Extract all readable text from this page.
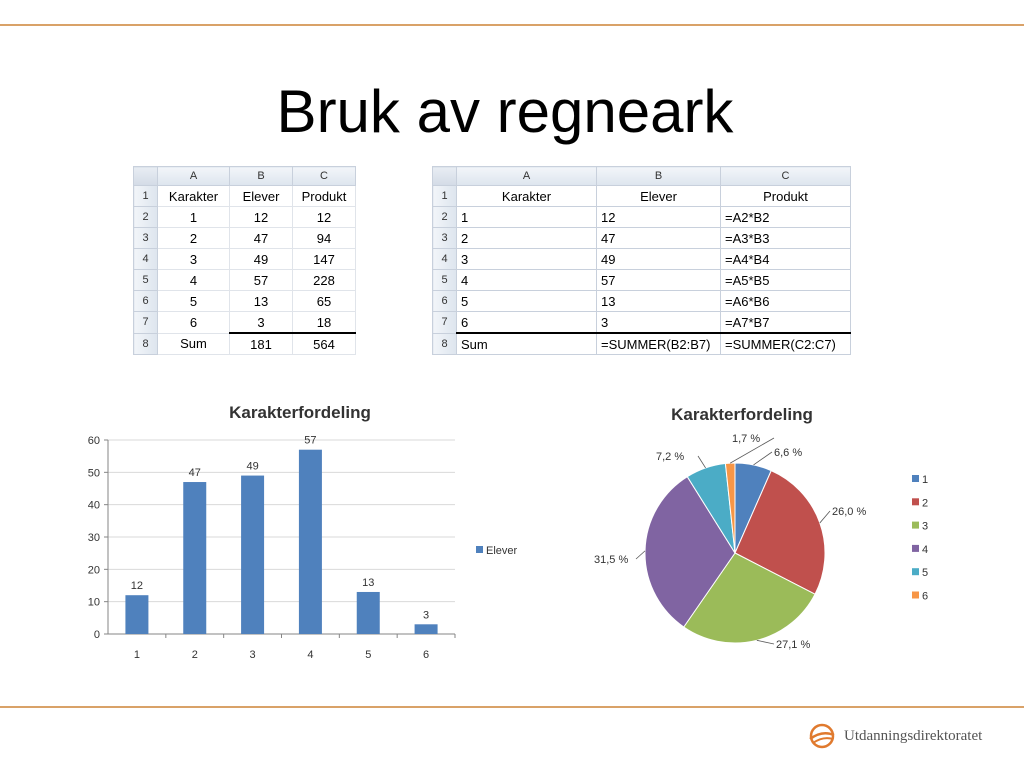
Bruk av regneark
	A	B	C
1	Karakter	Elever	Produkt
2	1	12	12
3	2	47	94
4	3	49	147
5	4	57	228
6	5	13	65
7	6	3	18
8	Sum	181	564
	A	B	C
1	Karakter	Elever	Produkt
2	1	12	=A2*B2
3	2	47	=A3*B3
4	3	49	=A4*B4
5	4	57	=A5*B5
6	5	13	=A6*B6
7	6	3	=A7*B7
8	Sum	=SUMMER(B2:B7)	=SUMMER(C2:C7)
Karakterfordeling
0
10
20
30
40
50
60
12
1
47
2
49
3
57
4
13
5
3
6
Elever
Karakterfordeling
6,6 %
26,0 %
27,1 %
31,5 %
7,2 %
1,7 %
1
2
3
4
5
6
Utdanningsdirektoratet
